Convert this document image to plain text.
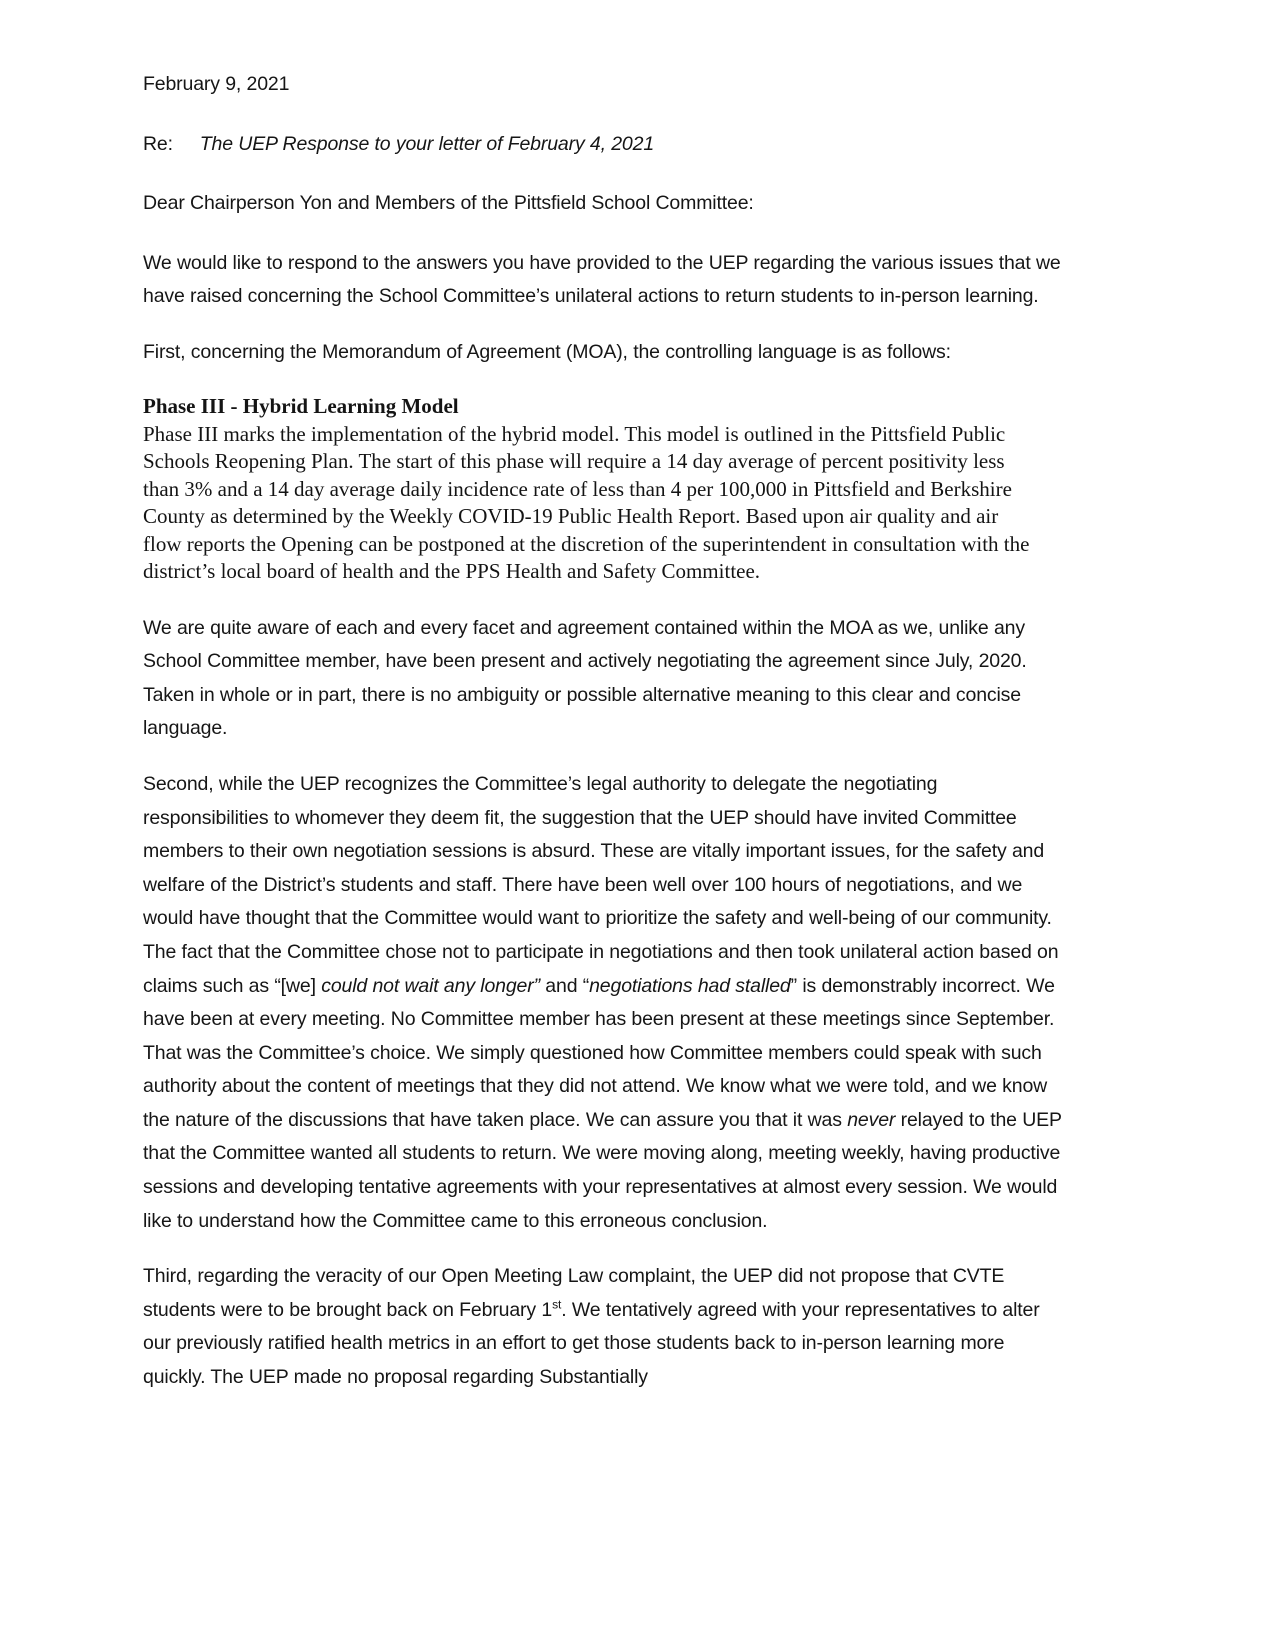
February 9, 2021

Re: The UEP Response to your letter of February 4, 2021

Dear Chairperson Yon and Members of the Pittsfield School Committee:

We would like to respond to the answers you have provided to the UEP regarding the various issues that we have raised concerning the School Committee’s unilateral actions to return students to in-person learning.

First, concerning the Memorandum of Agreement (MOA), the controlling language is as follows:

Phase III - Hybrid Learning Model
Phase III marks the implementation of the hybrid model. This model is outlined in the Pittsfield Public Schools Reopening Plan. The start of this phase will require a 14 day average of percent positivity less than 3% and a 14 day average daily incidence rate of less than 4 per 100,000 in Pittsfield and Berkshire County as determined by the Weekly COVID-19 Public Health Report. Based upon air quality and air flow reports the Opening can be postponed at the discretion of the superintendent in consultation with the district’s local board of health and the PPS Health and Safety Committee.

We are quite aware of each and every facet and agreement contained within the MOA as we, unlike any School Committee member, have been present and actively negotiating the agreement since July, 2020. Taken in whole or in part, there is no ambiguity or possible alternative meaning to this clear and concise language.

Second, while the UEP recognizes the Committee’s legal authority to delegate the negotiating responsibilities to whomever they deem fit, the suggestion that the UEP should have invited Committee members to their own negotiation sessions is absurd. These are vitally important issues, for the safety and welfare of the District’s students and staff. There have been well over 100 hours of negotiations, and we would have thought that the Committee would want to prioritize the safety and well-being of our community. The fact that the Committee chose not to participate in negotiations and then took unilateral action based on claims such as “[we] could not wait any longer” and “negotiations had stalled” is demonstrably incorrect. We have been at every meeting. No Committee member has been present at these meetings since September. That was the Committee’s choice. We simply questioned how Committee members could speak with such authority about the content of meetings that they did not attend. We know what we were told, and we know the nature of the discussions that have taken place. We can assure you that it was never relayed to the UEP that the Committee wanted all students to return. We were moving along, meeting weekly, having productive sessions and developing tentative agreements with your representatives at almost every session. We would like to understand how the Committee came to this erroneous conclusion.

Third, regarding the veracity of our Open Meeting Law complaint, the UEP did not propose that CVTE students were to be brought back on February 1st. We tentatively agreed with your representatives to alter our previously ratified health metrics in an effort to get those students back to in-person learning more quickly. The UEP made no proposal regarding Substantially
